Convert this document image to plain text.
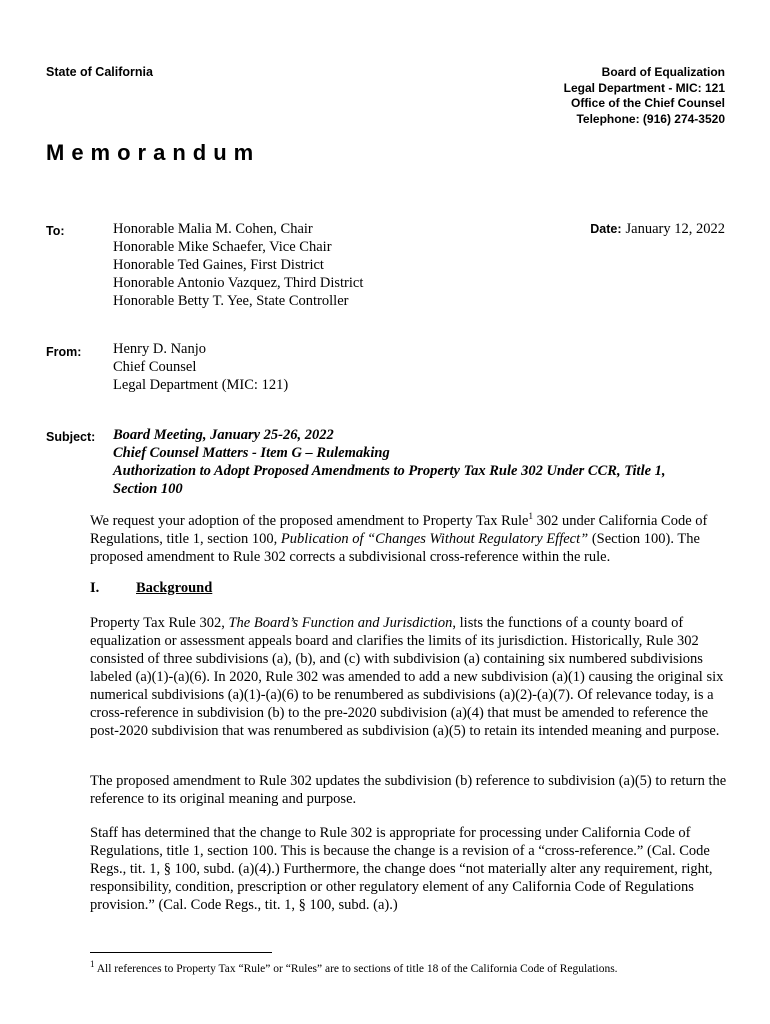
State of California	Board of Equalization
Legal Department - MIC: 121
Office of the Chief Counsel
Telephone: (916) 274-3520
Memorandum
To:	Honorable Malia M. Cohen, Chair
Honorable Mike Schaefer, Vice Chair
Honorable Ted Gaines, First District
Honorable Antonio Vazquez, Third District
Honorable Betty T. Yee, State Controller
Date: January 12, 2022
From: Henry D. Nanjo
Chief Counsel
Legal Department (MIC: 121)
Subject: Board Meeting, January 25-26, 2022
Chief Counsel Matters - Item G – Rulemaking
Authorization to Adopt Proposed Amendments to Property Tax Rule 302 Under CCR, Title 1,
Section 100
We request your adoption of the proposed amendment to Property Tax Rule$^1$ 302 under California Code of Regulations, title 1, section 100, Publication of “Changes Without Regulatory Effect” (Section 100). The proposed amendment to Rule 302 corrects a subdivisional cross-reference within the rule.
I.	Background
Property Tax Rule 302, The Board’s Function and Jurisdiction, lists the functions of a county board of equalization or assessment appeals board and clarifies the limits of its jurisdiction. Historically, Rule 302 consisted of three subdivisions (a), (b), and (c) with subdivision (a) containing six numbered subdivisions labeled (a)(1)-(a)(6). In 2020, Rule 302 was amended to add a new subdivision (a)(1) causing the original six numerical subdivisions (a)(1)-(a)(6) to be renumbered as subdivisions (a)(2)-(a)(7). Of relevance today, is a cross-reference in subdivision (b) to the pre-2020 subdivision (a)(4) that must be amended to reference the post-2020 subdivision that was renumbered as subdivision (a)(5) to retain its intended meaning and purpose.
The proposed amendment to Rule 302 updates the subdivision (b) reference to subdivision (a)(5) to return the reference to its original meaning and purpose.
Staff has determined that the change to Rule 302 is appropriate for processing under California Code of Regulations, title 1, section 100. This is because the change is a revision of a “cross-reference.” (Cal. Code Regs., tit. 1, § 100, subd. (a)(4).) Furthermore, the change does “not materially alter any requirement, right, responsibility, condition, prescription or other regulatory element of any California Code of Regulations provision.” (Cal. Code Regs., tit. 1, § 100, subd. (a).)
$^1$ All references to Property Tax “Rule” or “Rules” are to sections of title 18 of the California Code of Regulations.
